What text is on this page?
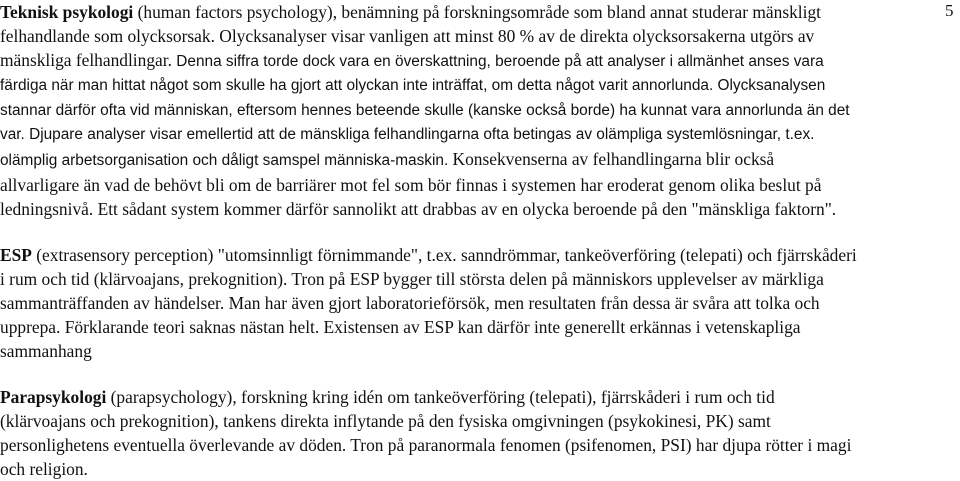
5
Teknisk psykologi (human factors psychology), benämning på forskningsområde som bland annat studerar mänskligt
felhandlande som olycksorsak. Olycksanalyser visar vanligen att minst 80 % av de direkta olycksorsakerna utgörs av
mänskliga felhandlingar. Denna siffra torde dock vara en överskattning, beroende på att analyser i allmänhet anses vara
färdiga när man hittat något som skulle ha gjort att olyckan inte inträffat, om detta något varit annorlunda. Olycksanalysen
stannar därför ofta vid människan, eftersom hennes beteende skulle (kanske också borde) ha kunnat vara annorlunda än det
var. Djupare analyser visar emellertid att de mänskliga felhandlingarna ofta betingas av olämpliga systemlösningar, t.ex.
olämplig arbetsorganisation och dåligt samspel människa-maskin. Konsekvenserna av felhandlingarna blir också
allvarligare än vad de behövt bli om de barriärer mot fel som bör finnas i systemen har eroderat genom olika beslut på
ledningsnivå. Ett sådant system kommer därför sannolikt att drabbas av en olycka beroende på den "mänskliga faktorn".
ESP (extrasensory perception) "utomsinnligt förnimmande", t.ex. sanndrömmar, tankeöverföring (telepati) och fjärrskåderi
i rum och tid (klärvoajans, prekognition). Tron på ESP bygger till största delen på människors upplevelser av märkliga
sammanträffanden av händelser. Man har även gjort laboratorieförsök, men resultaten från dessa är svåra att tolka och
upprepa. Förklarande teori saknas nästan helt. Existensen av ESP kan därför inte generellt erkännas i vetenskapliga
sammanhang
Parapsykologi (parapsychology), forskning kring idén om tankeöverföring (telepati), fjärrskåderi i rum och tid
(klärvoajans och prekognition), tankens direkta inflytande på den fysiska omgivningen (psykokinesi, PK) samt
personlighetens eventuella överlevande av döden. Tron på paranormala fenomen (psifenomen, PSI) har djupa rötter i magi
och religion.
